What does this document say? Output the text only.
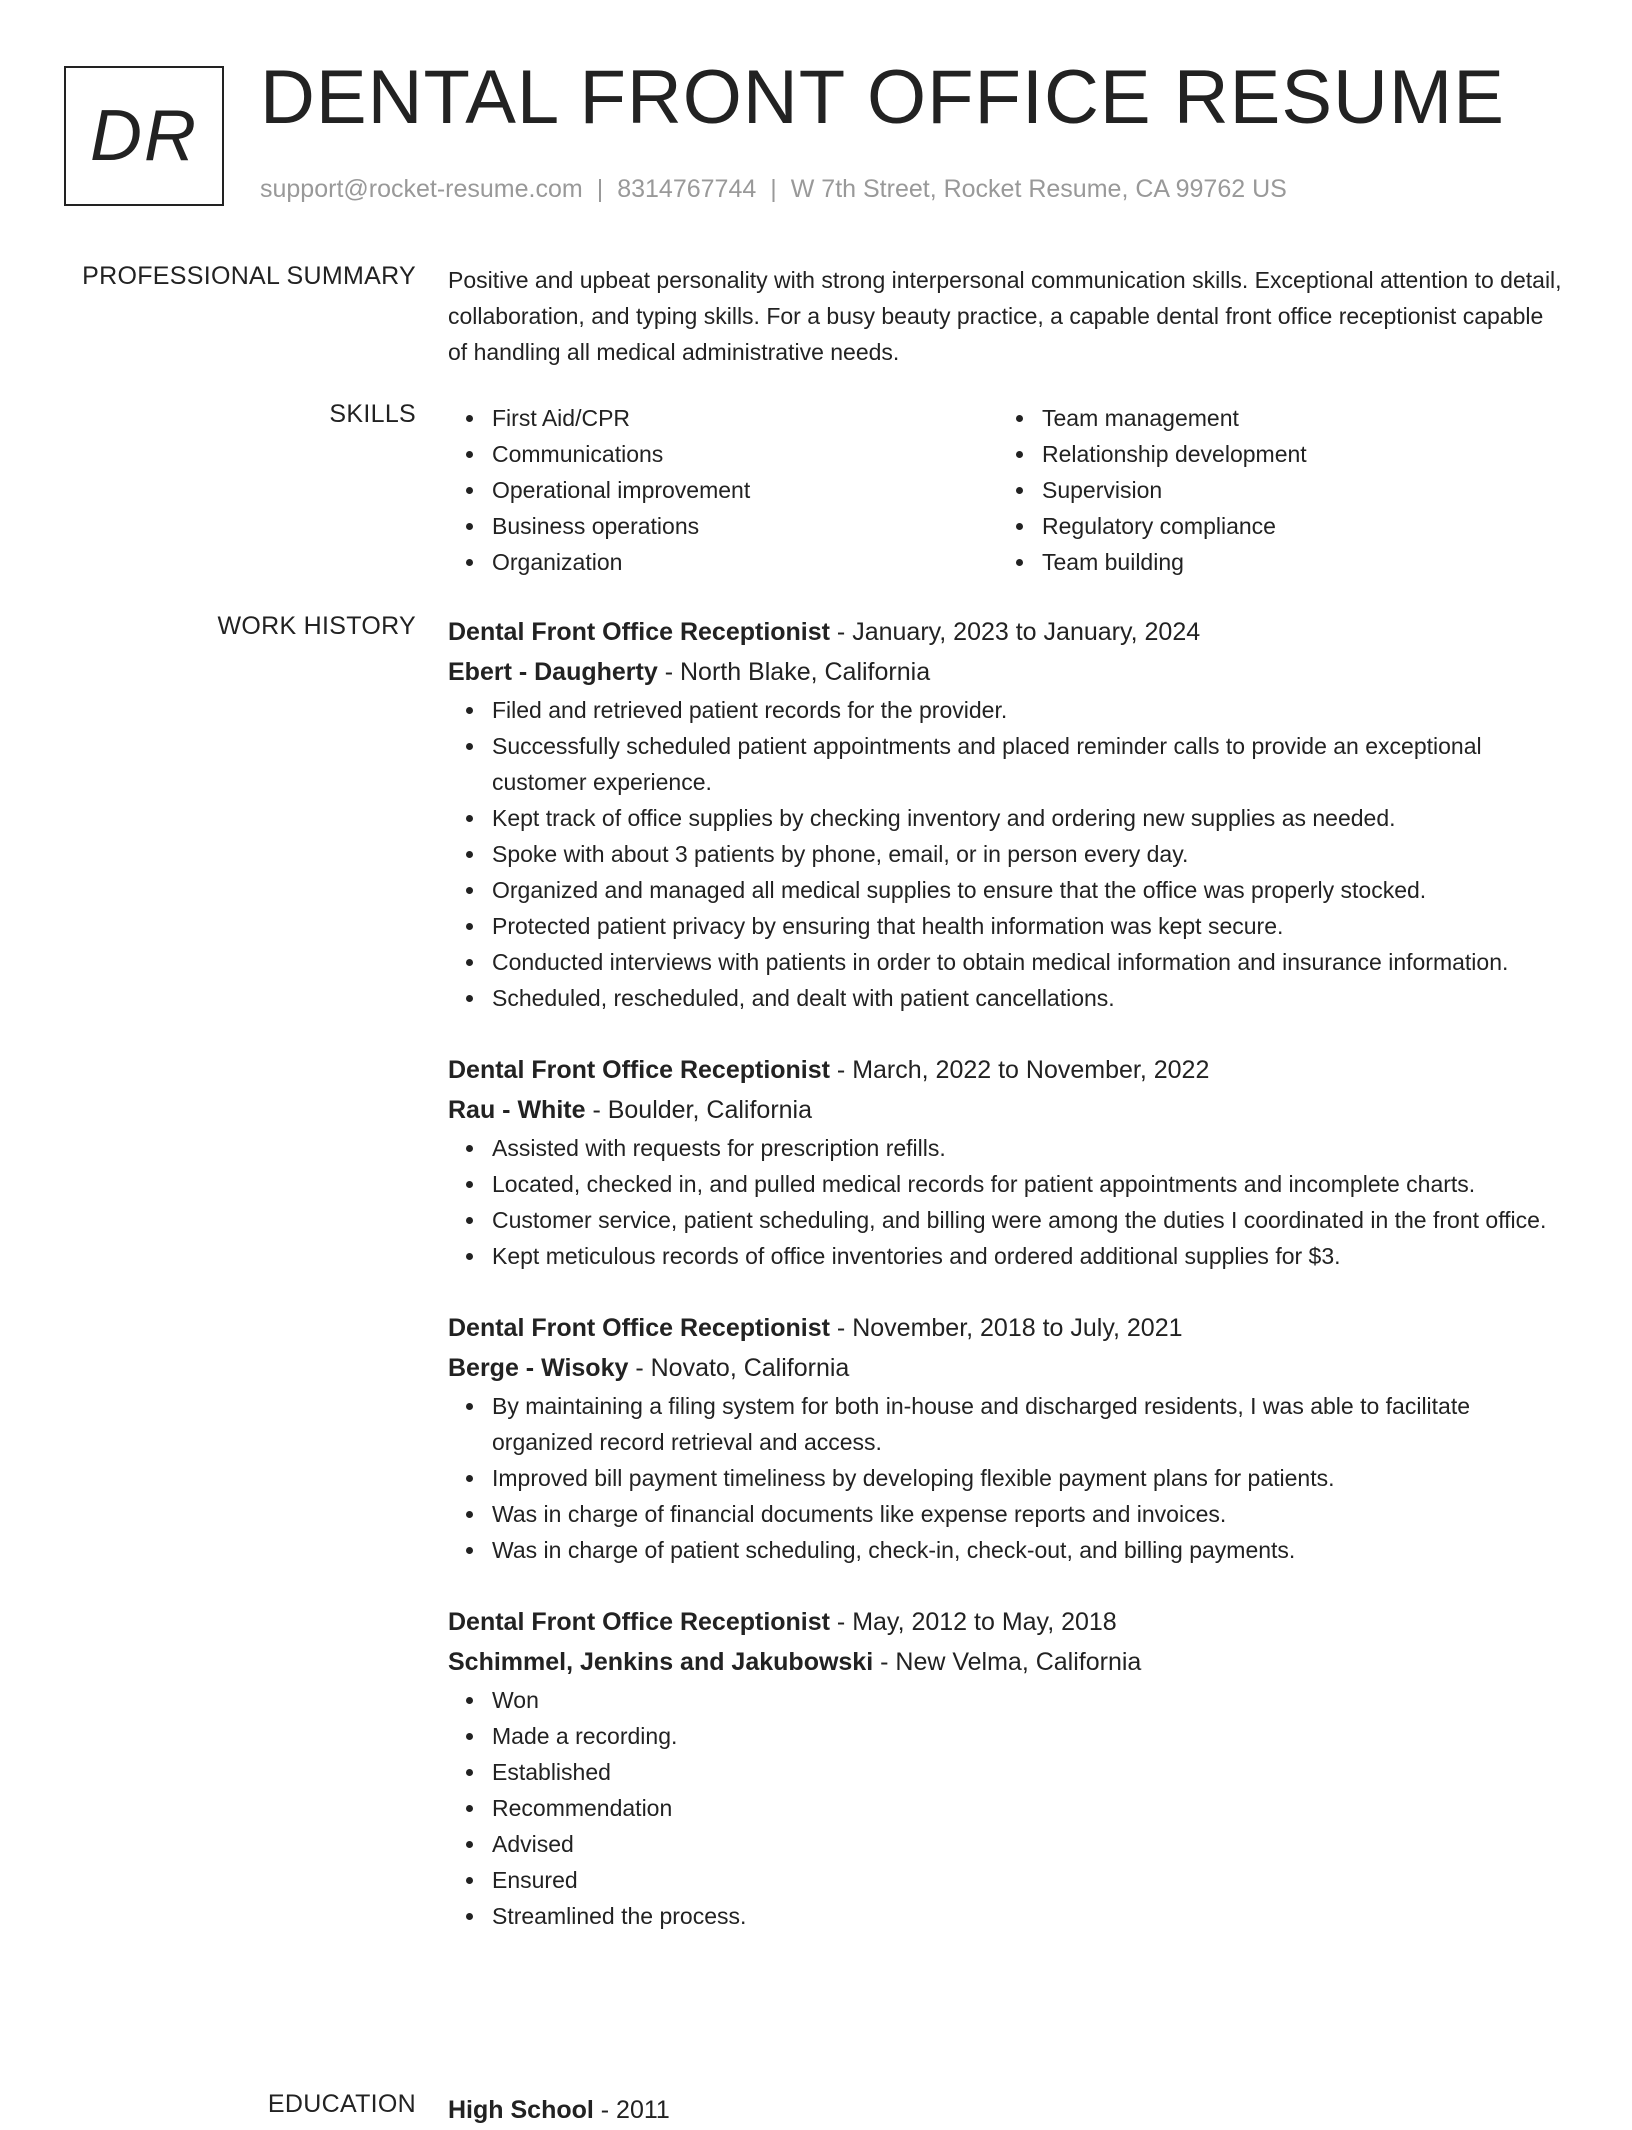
DR DENTAL FRONT OFFICE RESUME
support@rocket-resume.com | 8314767744 | W 7th Street, Rocket Resume, CA 99762 US
PROFESSIONAL SUMMARY Positive and upbeat personality with strong interpersonal communication skills. Exceptional attention to detail, collaboration, and typing skills. For a busy beauty practice, a capable dental front office receptionist capable of handling all medical administrative needs.

SKILLS	First Aid/CPR
Communications
Operational improvement
Business operations
Organization
Team management
Relationship development
Supervision
Regulatory compliance
Team building
WORK HISTORY Dental Front Office Receptionist - January, 2023 to January, 2024
Ebert - Daugherty - North Blake, California
Filed and retrieved patient records for the provider.
Successfully scheduled patient appointments and placed reminder calls to provide an exceptional customer experience.
Kept track of office supplies by checking inventory and ordering new supplies as needed.
Spoke with about 3 patients by phone, email, or in person every day.
Organized and managed all medical supplies to ensure that the office was properly stocked.
Protected patient privacy by ensuring that health information was kept secure.
Conducted interviews with patients in order to obtain medical information and insurance information.
Scheduled, rescheduled, and dealt with patient cancellations.
Dental Front Office Receptionist - March, 2022 to November, 2022
Rau - White - Boulder, California
Assisted with requests for prescription refills.
Located, checked in, and pulled medical records for patient appointments and incomplete charts.
Customer service, patient scheduling, and billing were among the duties I coordinated in the front office.
Kept meticulous records of office inventories and ordered additional supplies for $3.
Dental Front Office Receptionist - November, 2018 to July, 2021
Berge - Wisoky - Novato, California
By maintaining a filing system for both in-house and discharged residents, I was able to facilitate organized record retrieval and access.
Improved bill payment timeliness by developing flexible payment plans for patients.
Was in charge of financial documents like expense reports and invoices.
Was in charge of patient scheduling, check-in, check-out, and billing payments.
Dental Front Office Receptionist - May, 2012 to May, 2018
Schimmel, Jenkins and Jakubowski - New Velma, California
Won
Made a recording.
Established
Recommendation
Advised
Ensured
Streamlined the process.
EDUCATION High School - 2011
